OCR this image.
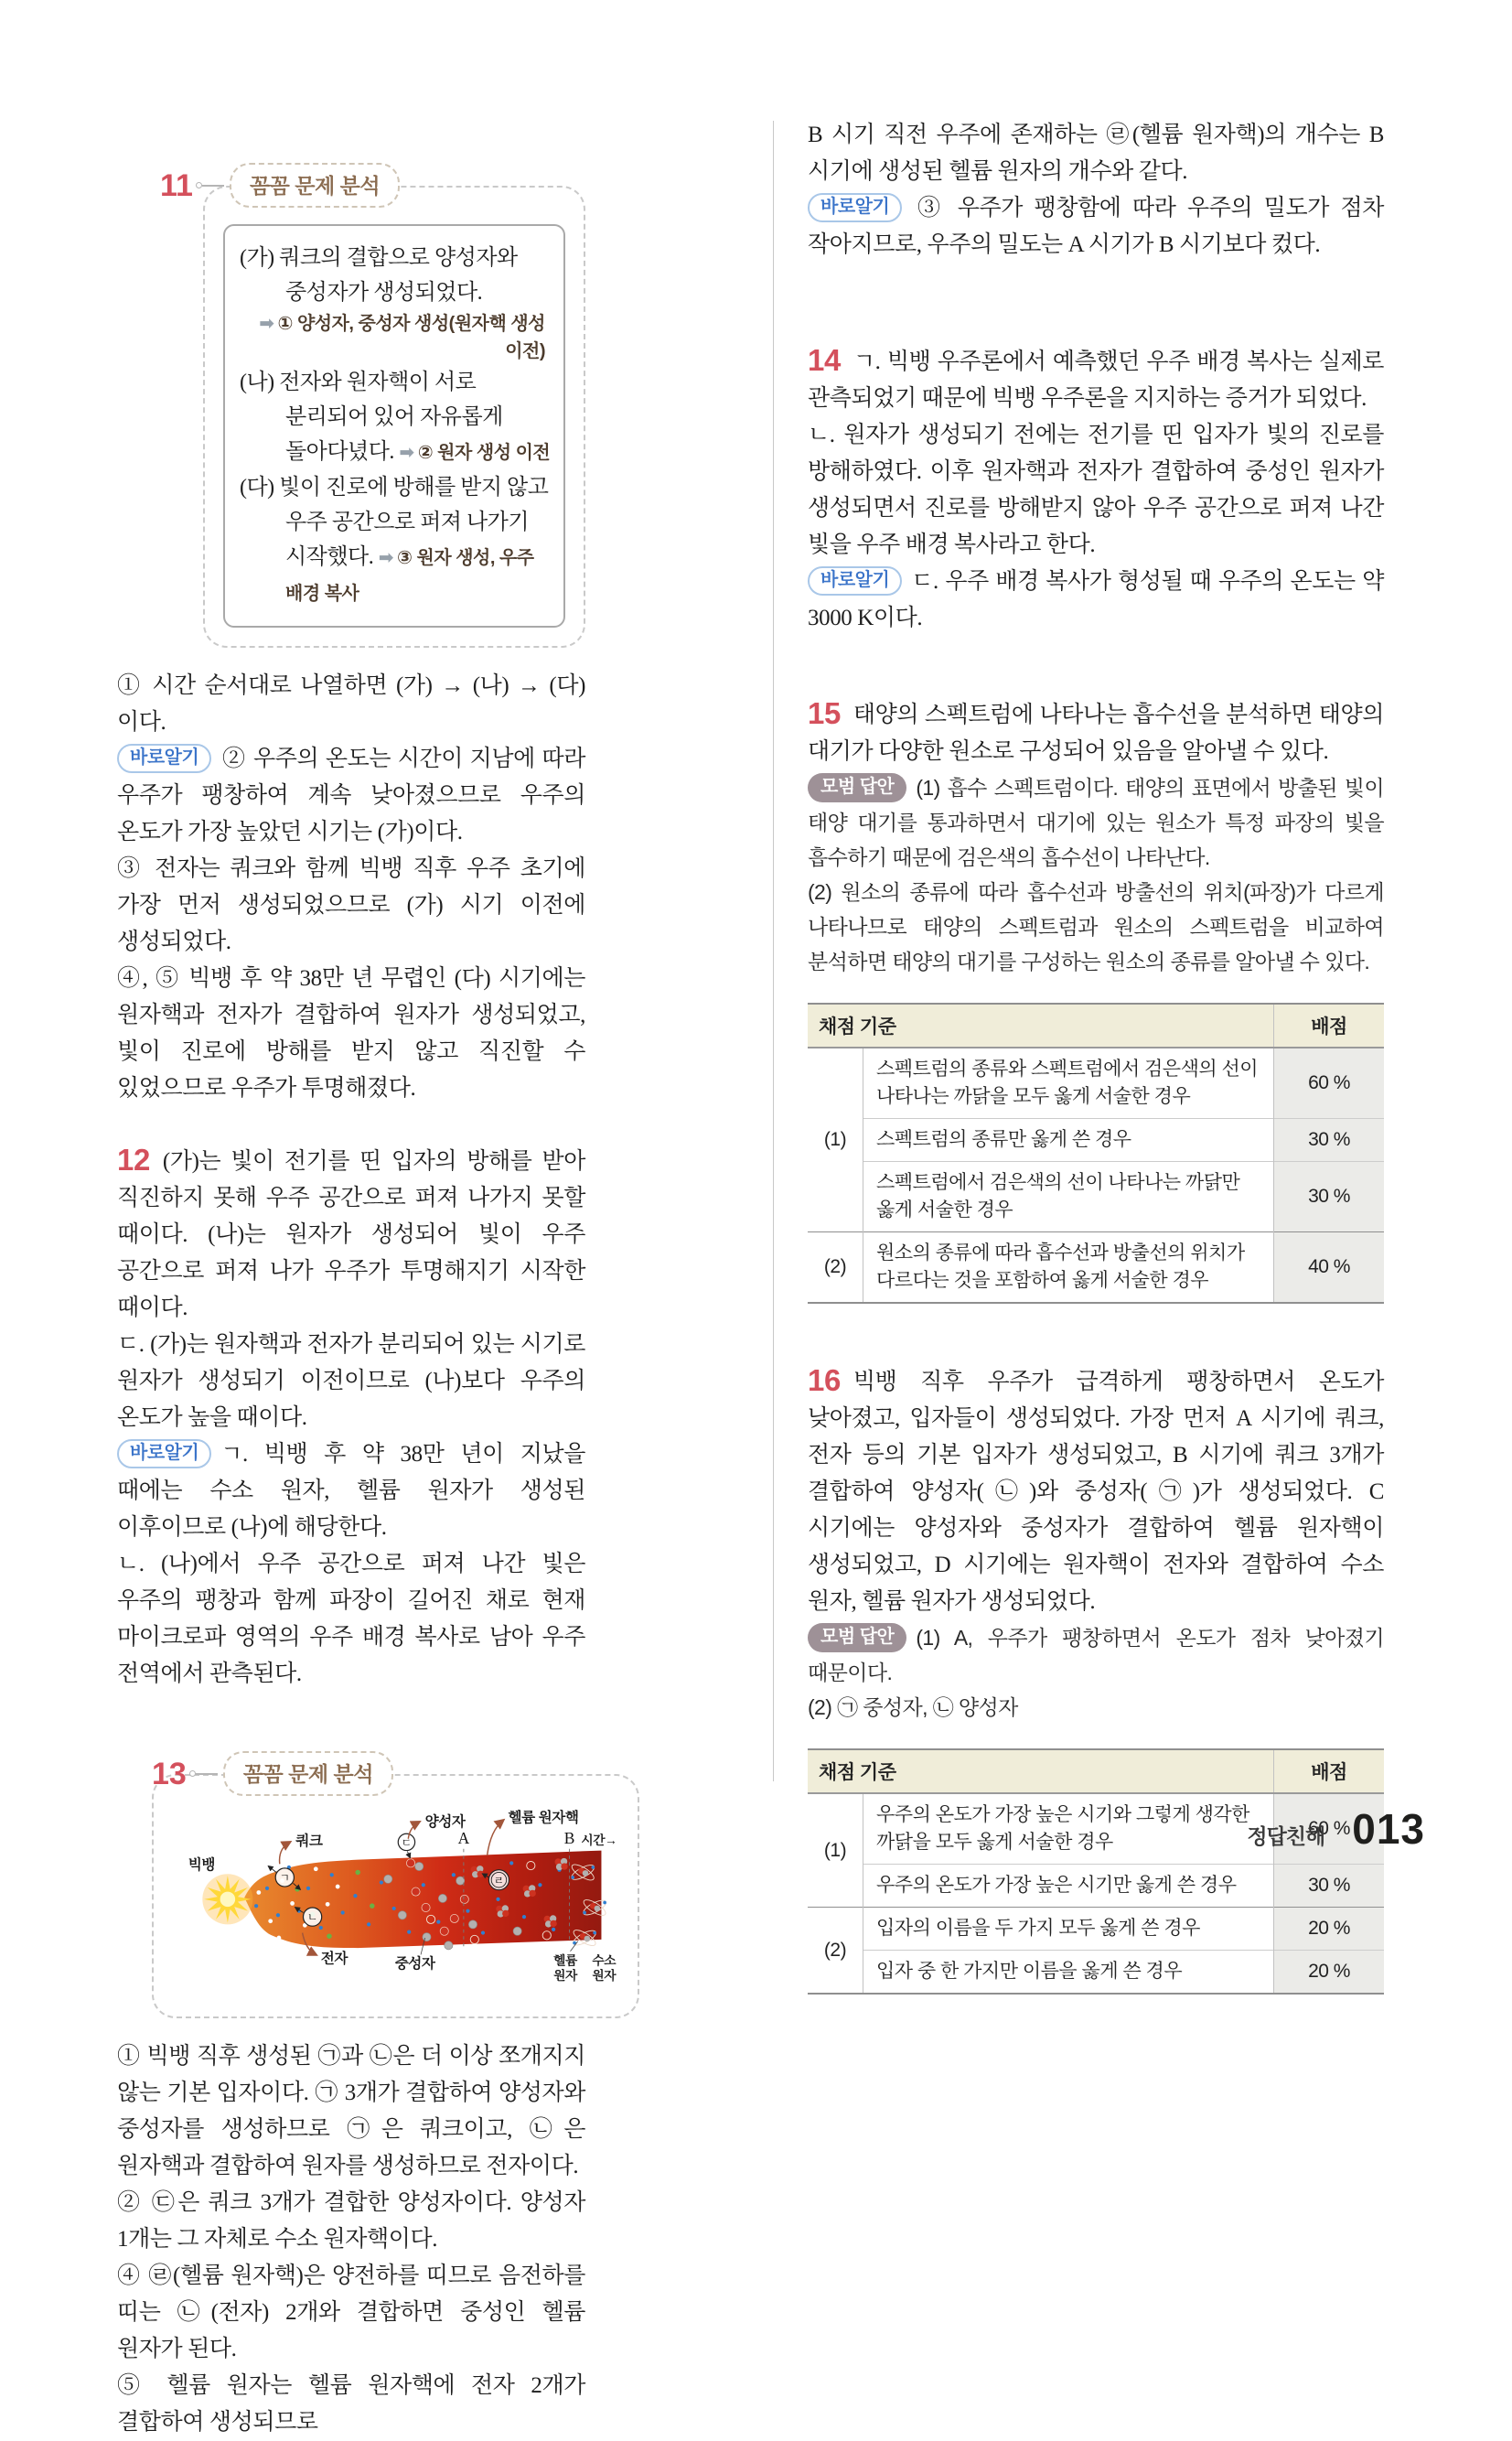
11	꼼꼼 문제 분석

(가) 쿼크의 결합으로 양성자와 중성자가 생성되었다.

➡ ① 양성자, 중성자 생성(원자핵 생성 이전)

(나) 전자와 원자핵이 서로 분리되어 있어 자유롭게 돌아다녔다. ➡ ② 원자 생성 이전

(다) 빛이 진로에 방해를 받지 않고 우주 공간으로 퍼져 나가기 시작했다. ➡ ③ 원자 생성, 우주 배경 복사

① 시간 순서대로 나열하면 (가) → (나) → (다)이다.

바로알기 ② 우주의 온도는 시간이 지남에 따라 우주가 팽창하여 계속 낮아졌으므로 우주의 온도가 가장 높았던 시기는 (가)이다.

③ 전자는 쿼크와 함께 빅뱅 직후 우주 초기에 가장 먼저 생성되었으므로 (가) 시기 이전에 생성되었다.

④, ⑤ 빅뱅 후 약 38만 년 무렵인 (다) 시기에는 원자핵과 전자가 결합하여 원자가 생성되었고, 빛이 진로에 방해를 받지 않고 직진할 수 있었으므로 우주가 투명해졌다.

12 (가)는 빛이 전기를 띤 입자의 방해를 받아 직진하지 못해 우주 공간으로 퍼져 나가지 못할 때이다. (나)는 원자가 생성되어 빛이 우주 공간으로 퍼져 나가 우주가 투명해지기 시작한 때이다.

ㄷ. (가)는 원자핵과 전자가 분리되어 있는 시기로 원자가 생성되기 이전이므로 (나)보다 우주의 온도가 높을 때이다.

바로알기 ㄱ. 빅뱅 후 약 38만 년이 지났을 때에는 수소 원자, 헬륨 원자가 생성된 이후이므로 (나)에 해당한다.

ㄴ. (나)에서 우주 공간으로 퍼져 나간 빛은 우주의 팽창과 함께 파장이 길어진 채로 현재 마이크로파 영역의 우주 배경 복사로 남아 우주 전역에서 관측된다.

13	꼼꼼 문제 분석
A	B 시간→
ㄱ
ㄴ
ㄷ
ㄹ
쿼크
전자
양성자	헬륨 원자핵
중성자
빅뱅
헬륨
원자
수소
원자

① 빅뱅 직후 생성된 ㉠과 ㉡은 더 이상 쪼개지지 않는 기본 입자이다. ㉠ 3개가 결합하여 양성자와 중성자를 생성하므로 ㉠은 쿼크이고, ㉡은 원자핵과 결합하여 원자를 생성하므로 전자이다.

② ㉢은 쿼크 3개가 결합한 양성자이다. 양성자 1개는 그 자체로 수소 원자핵이다.

④ ㉣(헬륨 원자핵)은 양전하를 띠므로 음전하를 띠는 ㉡(전자) 2개와 결합하면 중성인 헬륨 원자가 된다.

⑤ 헬륨 원자는 헬륨 원자핵에 전자 2개가 결합하여 생성되므로

B 시기 직전 우주에 존재하는 ㉣(헬륨 원자핵)의 개수는 B 시기에 생성된 헬륨 원자의 개수와 같다.

바로알기 ③ 우주가 팽창함에 따라 우주의 밀도가 점차 작아지므로, 우주의 밀도는 A 시기가 B 시기보다 컸다.

14 ㄱ. 빅뱅 우주론에서 예측했던 우주 배경 복사는 실제로 관측되었기 때문에 빅뱅 우주론을 지지하는 증거가 되었다.

ㄴ. 원자가 생성되기 전에는 전기를 띤 입자가 빛의 진로를 방해하였다. 이후 원자핵과 전자가 결합하여 중성인 원자가 생성되면서 진로를 방해받지 않아 우주 공간으로 퍼져 나간 빛을 우주 배경 복사라고 한다.

바로알기 ㄷ. 우주 배경 복사가 형성될 때 우주의 온도는 약 3000 K이다.

15 태양의 스펙트럼에 나타나는 흡수선을 분석하면 태양의 대기가 다양한 원소로 구성되어 있음을 알아낼 수 있다.

모범 답안 (1) 흡수 스펙트럼이다. 태양의 표면에서 방출된 빛이 태양 대기를 통과하면서 대기에 있는 원소가 특정 파장의 빛을 흡수하기 때문에 검은색의 흡수선이 나타난다.

(2) 원소의 종류에 따라 흡수선과 방출선의 위치(파장)가 다르게 나타나므로 태양의 스펙트럼과 원소의 스펙트럼을 비교하여 분석하면 태양의 대기를 구성하는 원소의 종류를 알아낼 수 있다.

채점 기준		배점
(1)	스펙트럼의 종류와 스펙트럼에서 검은색의 선이 나타나는 까닭을 모두 옳게 서술한 경우	60 %
	스펙트럼의 종류만 옳게 쓴 경우	30 %
	스펙트럼에서 검은색의 선이 나타나는 까닭만 옳게 서술한 경우	30 %
(2)	원소의 종류에 따라 흡수선과 방출선의 위치가 다르다는 것을 포함하여 옳게 서술한 경우	40 %

16 빅뱅 직후 우주가 급격하게 팽창하면서 온도가 낮아졌고, 입자들이 생성되었다. 가장 먼저 A 시기에 쿼크, 전자 등의 기본 입자가 생성되었고, B 시기에 쿼크 3개가 결합하여 양성자(㉡)와 중성자(㉠)가 생성되었다. C 시기에는 양성자와 중성자가 결합하여 헬륨 원자핵이 생성되었고, D 시기에는 원자핵이 전자와 결합하여 수소 원자, 헬륨 원자가 생성되었다.

모범 답안 (1) A, 우주가 팽창하면서 온도가 점차 낮아졌기 때문이다.

(2) ㉠ 중성자, ㉡ 양성자

채점 기준		배점
(1)	우주의 온도가 가장 높은 시기와 그렇게 생각한 까닭을 모두 옳게 서술한 경우	60 %
	우주의 온도가 가장 높은 시기만 옳게 쓴 경우	30 %
(2)	입자의 이름을 두 가지 모두 옳게 쓴 경우	20 %
	입자 중 한 가지만 이름을 옳게 쓴 경우	20 %
정답친해 013
